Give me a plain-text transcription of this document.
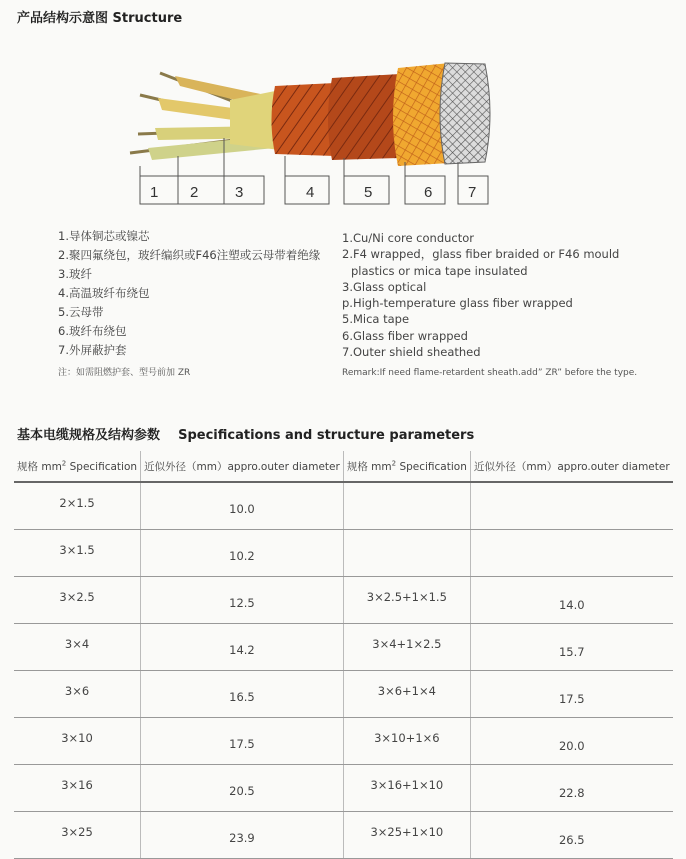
产品结构示意图 Structure
1 2 3	4	5	6 7
1.导体铜芯或镍芯
2.聚四氟绕包，玻纤编织或F46注塑或云母带着绝缘
3.玻纤
4.高温玻纤布绕包
5.云母带
6.玻纤布绕包
7.外屏蔽护套
注：如需阻燃护套、型号前加 ZR
1.Cu/Ni core conductor
2.F4 wrapped，glass fiber braided or F46 mould
plastics or mica tape insulated
3.Glass optical
p.High-temperature glass fiber wrapped
5.Mica tape
6.Glass fiber wrapped
7.Outer shield sheathed
Remark:If need flame-retardent sheath.add” ZR” before the type.
基本电缆规格及结构参数    Specifications and structure parameters
规格 $mm^2$ Specification	近似外径（mm）appro.outer diameter	规格 $mm^2$ Specification	近似外径（mm）appro.outer diameter
2×1.5	10.0		
3×1.5	10.2		
3×2.5	12.5	3×2.5+1×1.5	14.0
3×4	14.2	3×4+1×2.5	15.7
3×6	16.5	3×6+1×4	17.5
3×10	17.5	3×10+1×6	20.0
3×16	20.5	3×16+1×10	22.8
3×25	23.9	3×25+1×10	26.5
